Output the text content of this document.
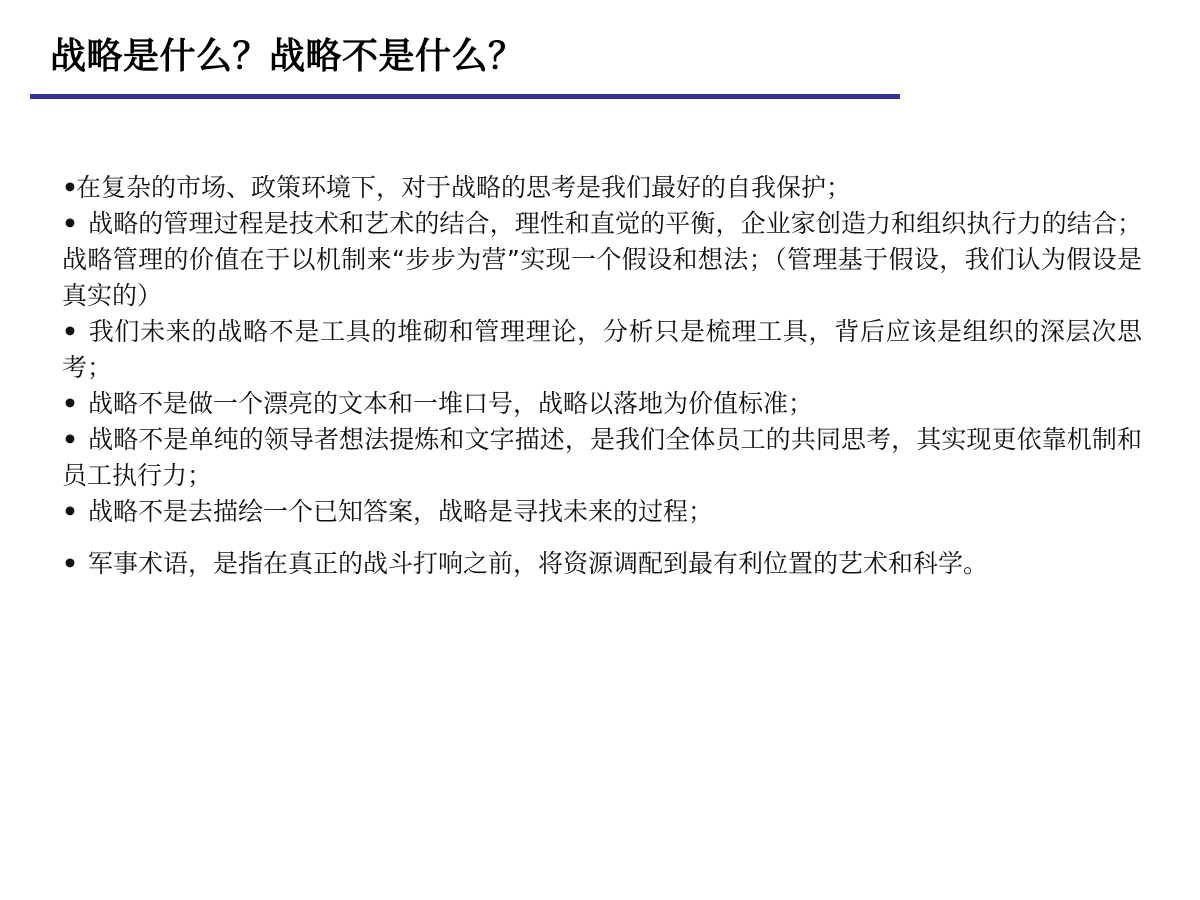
战略是什么？战略不是什么？

•在复杂的市场、政策环境下，对于战略的思考是我们最好的自我保护；

• 战略的管理过程是技术和艺术的结合，理性和直觉的平衡，企业家创造力和组织执行力的结合；战略管理的价值在于以机制来“步步为营”实现一个假设和想法；（管理基于假设，我们认为假设是真实的）

• 我们未来的战略不是工具的堆砌和管理理论，分析只是梳理工具，背后应该是组织的深层次思考；

• 战略不是做一个漂亮的文本和一堆口号，战略以落地为价值标准；

• 战略不是单纯的领导者想法提炼和文字描述，是我们全体员工的共同思考，其实现更依靠机制和员工执行力；

• 战略不是去描绘一个已知答案，战略是寻找未来的过程；

• 军事术语，是指在真正的战斗打响之前，将资源调配到最有利位置的艺术和科学。
